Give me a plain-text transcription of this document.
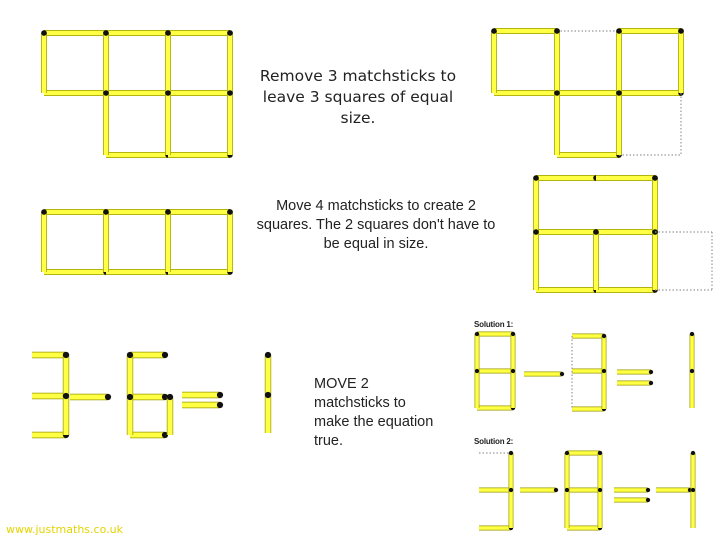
Remove 3 matchsticks to leave 3 squares of equal size.
Move 4 matchsticks to create 2 squares. The 2 squares don't have to be equal in size.
MOVE 2 matchsticks to make the equation true.
Solution 1:
Solution 2:
www.justmaths.co.uk
